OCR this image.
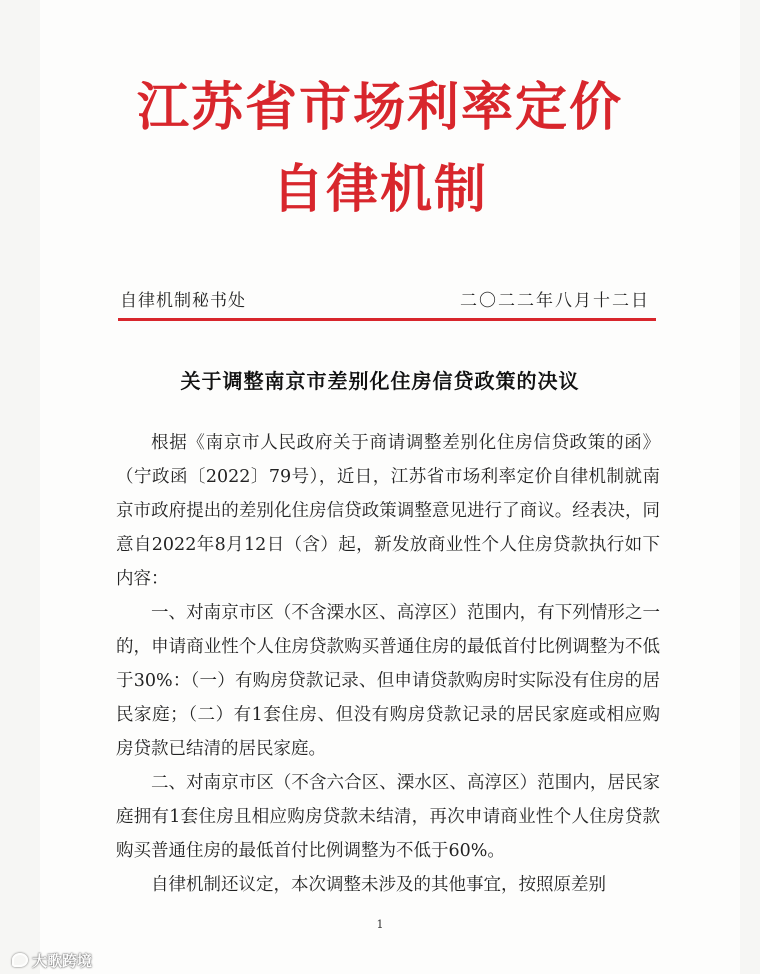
江苏省市场利率定价
自律机制
自律机制秘书处	二〇二二年八月十二日
关于调整南京市差别化住房信贷政策的决议

根据《南京市人民政府关于商请调整差别化住房信贷政策的函》（宁政函〔2022〕79号），近日，江苏省市场利率定价自律机制就南京市政府提出的差别化住房信贷政策调整意见进行了商议。经表决，同意自2022年8月12日（含）起，新发放商业性个人住房贷款执行如下内容：

一、对南京市区（不含溧水区、高淳区）范围内，有下列情形之一的，申请商业性个人住房贷款购买普通住房的最低首付比例调整为不低于30%：（一）有购房贷款记录、但申请贷款购房时实际没有住房的居民家庭；（二）有1套住房、但没有购房贷款记录的居民家庭或相应购房贷款已结清的居民家庭。

二、对南京市区（不含六合区、溧水区、高淳区）范围内，居民家庭拥有1套住房且相应购房贷款未结清，再次申请商业性个人住房贷款购买普通住房的最低首付比例调整为不低于60%。

自律机制还议定，本次调整未涉及的其他事宜，按照原差别

1
大歌跨境
